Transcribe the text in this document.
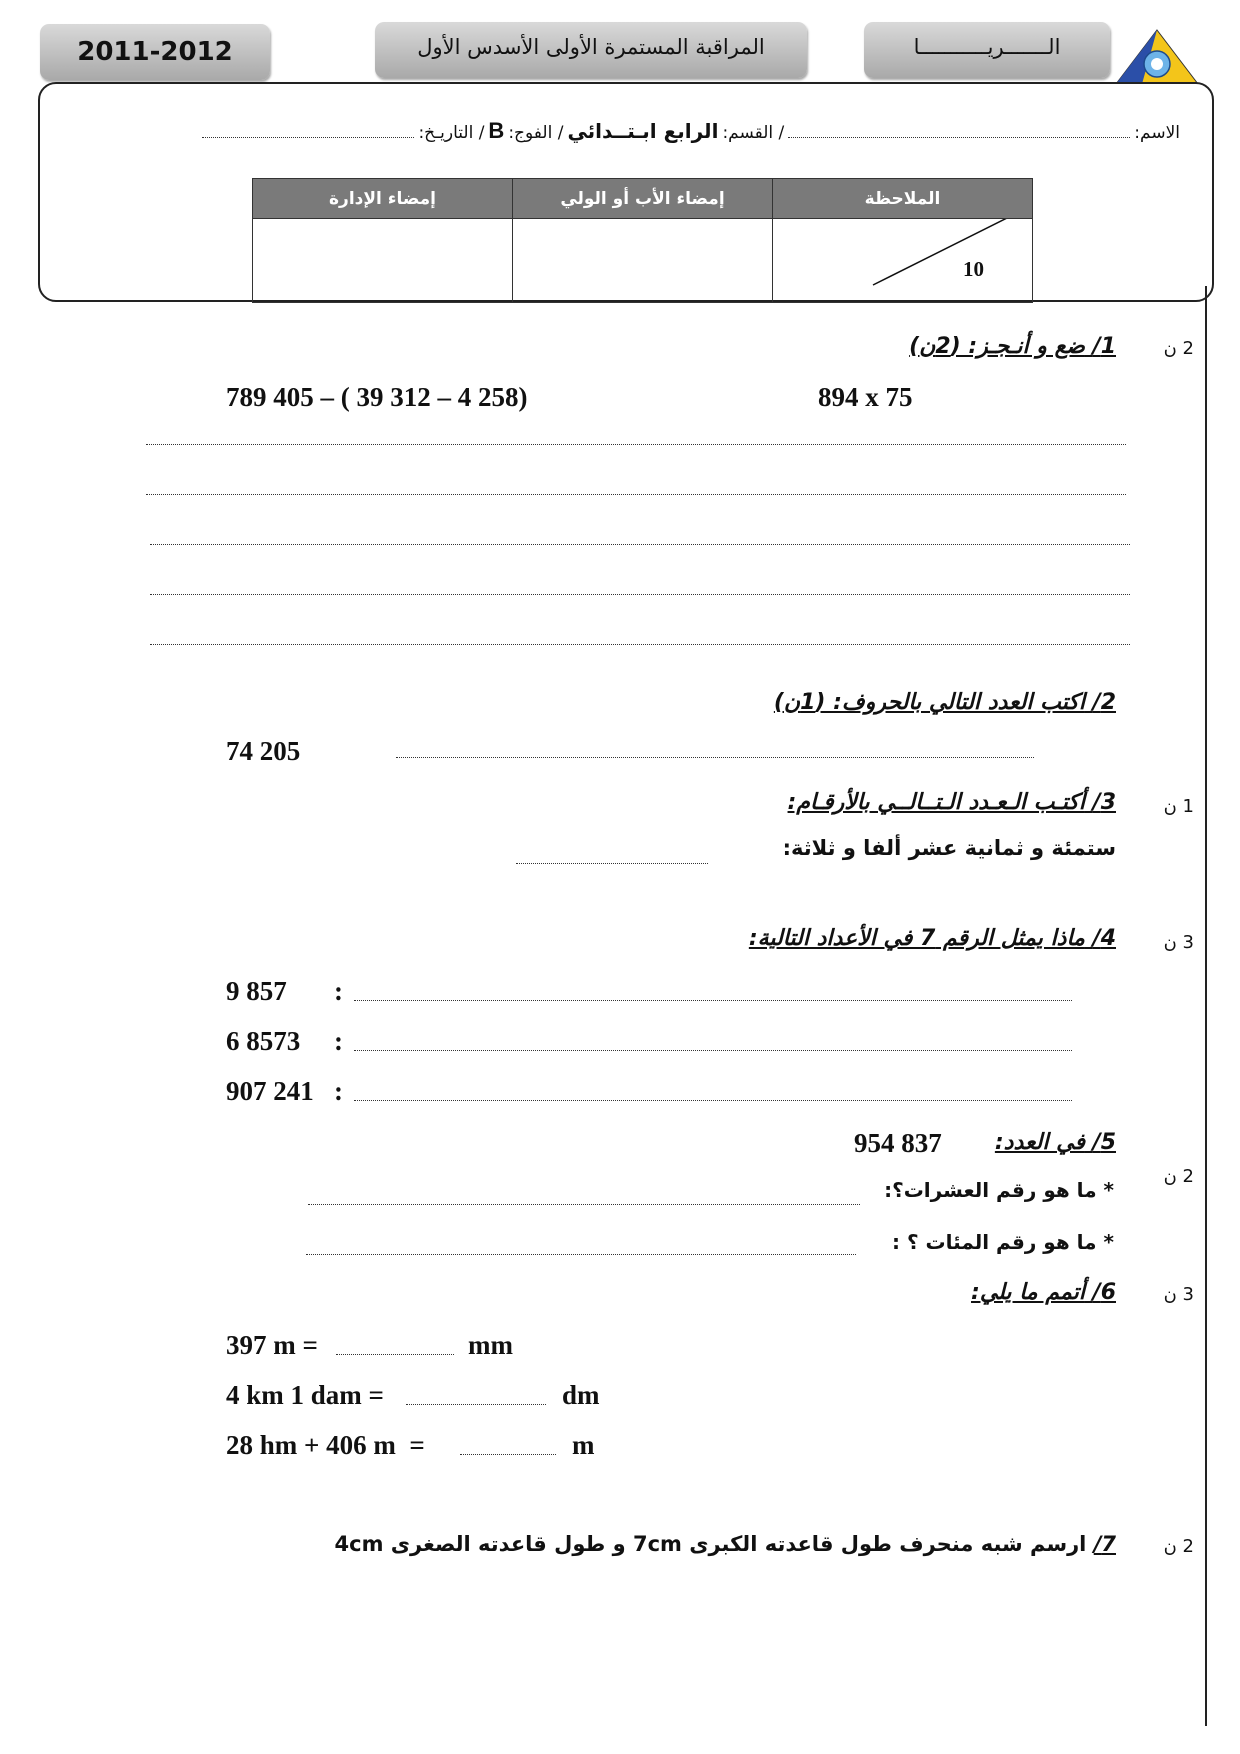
2011-2012	المراقبة المستمرة الأولى الأسدس الأول	الـــــــريـــــــــــا
الاسم:
/ القسم:
الرابع ابـتــدائي
/ الفوج:
B
/ التاريـخ:
إمضاء الإدارة	إمضاء الأب أو الولي	الملاحظة

		10
2 ن
1/ ضع و أنـجـز: (2ن)
789 405 – ( 39 312 – 4 258)	894 x 75
2/ اكتب العدد التالي بالحروف: (1ن)
74 205
1 ن
3/ أكتـب الـعـدد الـتــالــي بالأرقـام:
ستمئة و ثمانية عشر ألفا و ثلاثة:
3 ن
4/ ماذا يمثل الرقم 7 في الأعداد التالية:
9 857 :
6 8573 :
907 241 :
5/ في العدد:
954 837
2 ن
* ما هو رقم العشرات؟:
* ما هو رقم المئات ؟ :
3 ن
6/ أتمم ما يلي:
397 m =	mm
4 km 1 dam =	dm
28 hm + 406 m  =	m
2 ن
7/ ارسم شبه منحرف طول قاعدته الكبرى 7cm و طول قاعدته الصغرى 4cm
